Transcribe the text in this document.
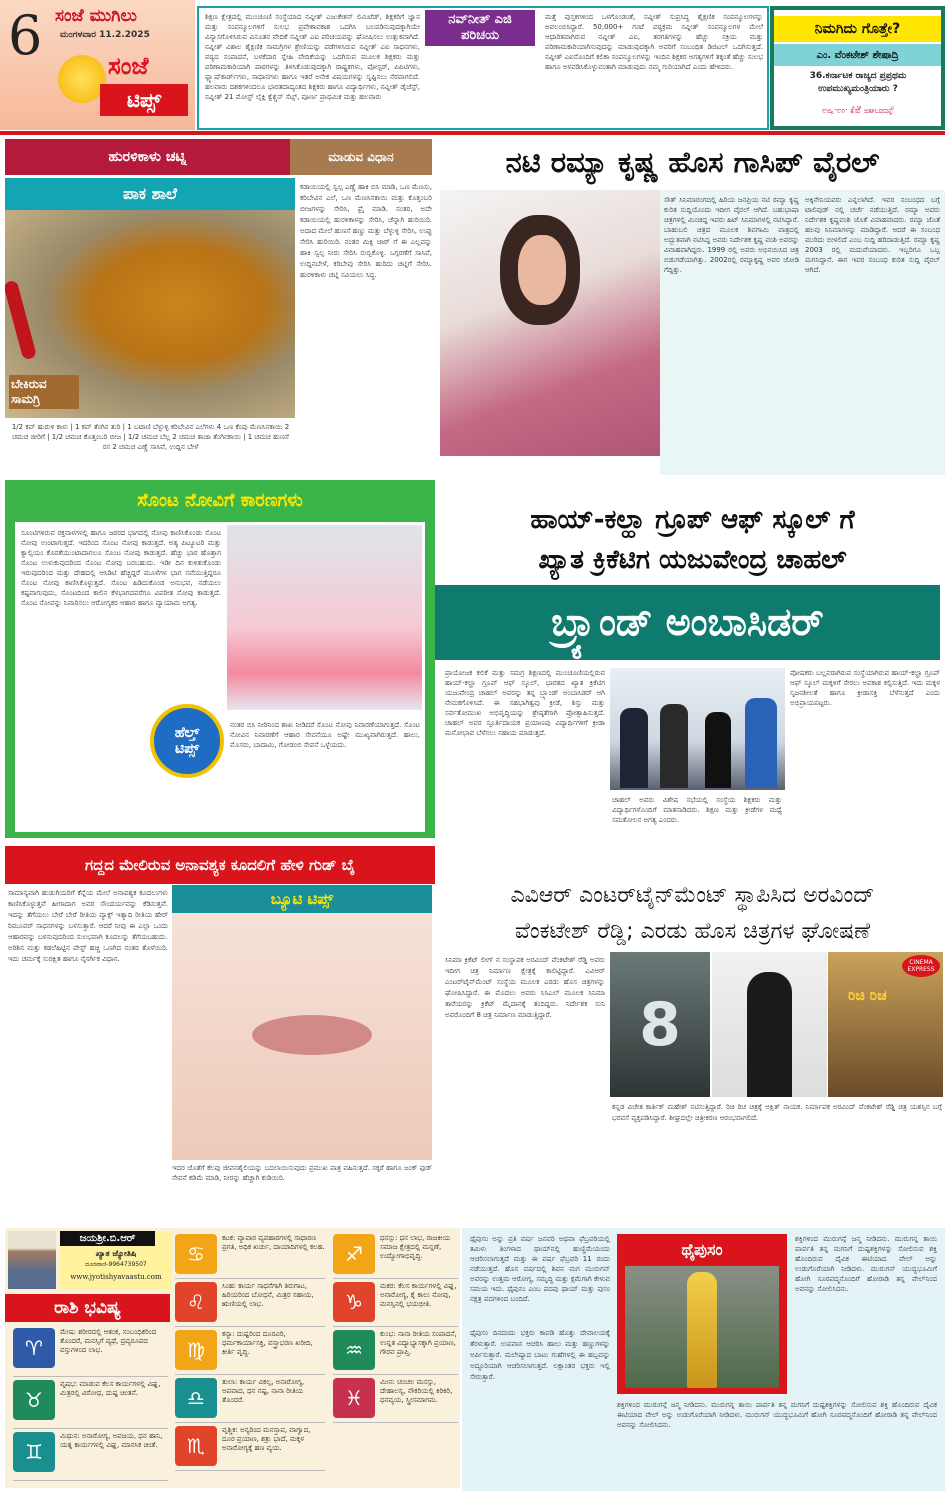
6 ಸಂಜೆ ಮುಗಿಲು
ಮಂಗಳವಾರ 11.2.2025
ಸಂಜೆ
ಟಿಪ್ಸ್
ಶಿಕ್ಷಣ ಕ್ಷೇತ್ರದಲ್ಲಿ ಮುಂಚೂಣಿ ಸಂಸ್ಥೆಯಾದ ನವ್ನೀತ್ ಎಜುಕೇಶನ್ ಲಿಮಿಟೆಡ್, ಶಿಕ್ಷಕರಿಗೆ ಜ್ಞಾನ ಮತ್ತು ಸಂಪನ್ಮೂಲಗಳಿಗೆ ಸುಲಭ ಪ್ರವೇಶಾವಕಾಶ ಒದಗಿಸಿ ಬಲಪಡಿಸುವುದಕ್ಕಾಗಿಯೇ ವಿನ್ಯಾಸಗೊಳಿಸಿರುವ ವಿನೂತನ ವೇದಿಕೆ ನವ್ನೀತ್ ಎಐ ಪರಿಚಯವನ್ನು ಘೋಷಿಸಲು ಉತ್ಸುಕವಾಗಿದೆ. ನವ್ನೀತ್ ವಿಶಾಲ ಶೈಕ್ಷಣಿಕ ಸಾಮಗ್ರಿಗಳ ಶ್ರೇಣಿಯನ್ನು ಪಡೆಗಳಿಸಿರುವ ನವ್ನೀತ್ ಎಐ ಸಾಧನಗಳು, ಪಠ್ಯದ ಸಂಪಾದನೆ, ಬಳಕೆದಾರ ಸ್ನೇಹಿ ವೇದಿಕೆಯನ್ನು ಒದಗಿಸುವ ಮೂಲಕ ಶಿಕ್ಷಕರು ಮತ್ತು ಪರಿಣಾಮಕಾರಿಯಾಗಿ ಪಾಠಗಳನ್ನು ತಿಳಿಸಿಕೊಡುವುದಕ್ಕಾಗಿ ರಾಷ್ಟ್ರಕಗಳು, ಪೋಸ್ಟರ್, ಪಿಪಿಟಿಗಳು, ಫ್ಲ್ಯಾಷ್‌ಕಾರ್ಡ್‌ಗಳು, ಸಾಧಾನಗಳು ಹಾಗೂ ಇತರೆ ಅನೇಕ ವಿಷಯಗಳನ್ನು ಸೃಷ್ಟಿಸಲು ನೆರವಾಗಲಿದೆ. ಹಲವಾರು ದಶಕಗಳಿಂದಲೂ ಭಾರತದಾದ್ಯಂತದ ಶಿಕ್ಷಕರು ಹಾಗೂ ವಿದ್ಯಾರ್ಥಿಗಳು, ನವ್ನೀತ್ ಡೈಜೆಸ್ಟ್, ನವ್ನೀತ್ 21 ಮೋಸ್ಟ್ ಲೈಕ್ಲಿ ಕ್ವೆಶ್ಚನ್ ಸೆಟ್ಸ್, ಪೂರ್ಣ ಪ್ರಾಥಮಿಕ ಮತ್ತು ಹಲವಾರು
ನವ್‌ನೀತ್ ಎಜಿ
ಪರಿಚಯ
ಮತ್ತೆ ಪುಸ್ತಕಗಳಿಂದ ಒಳಗೊಂಡಂತೆ, ನವ್ನೀತ್ ಸುಪ್ರಸಿದ್ಧ ಶೈಕ್ಷಣಿಕ ಸಂಪನ್ಮೂಲಗಳನ್ನು ಅವಲಂಬಿಸಿದ್ದಾರೆ. 50,000+ ಗಂಟೆ ಪಠ್ಯಕ್ರಮ ನವ್ನೀತ್ ಸಂಪನ್ಮೂಲಗಳ ಮೇಲೆ ಆಧಾರಿತವಾಗಿರುವ ನವ್ನೀತ್ ಎಐ, ತರಗತಿಗಳನ್ನು ಹೆಚ್ಚು ಸಕ್ರಿಯ ಮತ್ತು ಪರಿಣಾಮಕಾರಿಯಾಗಿಸುವುದನ್ನು ಮಾಡುವುದಕ್ಕಾಗಿ ಅವರಿಗೆ ಸಂಬಂಧಿತ ಡಿಜಿಟಲ್ ಒದಗಿಸುತ್ತದೆ. ನವ್ನೀತ್ ಎಐನೊಂದಿಗೆ ಕಲಿಕಾ ಸಂಪನ್ಮೂಲಗಳನ್ನು ಇಂದಿನ ಶಿಕ್ಷಕರ ಅಗತ್ಯಗಳಿಗೆ ತಕ್ಕಂತೆ ಹೆಚ್ಚು ಸುಲಭ ಹಾಗೂ ಅಳವಡಿಸಿಕೊಳ್ಳುವಂತಾಗಿ ಮಾಡುವುದು ನಮ್ಮ ಗುರಿಯಾಗಿದೆ ಎಂದು ಹೇಳಿದರು.
ನಿಮಗಿದು ಗೊತ್ತೇ?
ಎಂ. ವೆಂಕಟೇಶ್ ಶೇಷಾದ್ರಿ
36.ಕರ್ನಾಟಕ ರಾಜ್ಯದ ಪ್ರಪ್ರಥಮ ಉಪಮುಖ್ಯಮಂತ್ರಿಯಾರು ?
ಎಸ್.ಎಂ. ಕೃಷ್ಣ ಸರ್ಕಾರದಲ್ಲಿ
ಹುರಳಿಕಾಳು ಚಟ್ನಿ	ಮಾಡುವ ವಿಧಾನ
ಪಾಕ ಶಾಲೆ
ಬೇಕಿರುವ ಸಾಮಗ್ರಿ
ಕಡಾಯಿಯಲ್ಲಿ ಸ್ವಲ್ಪ ಎಣ್ಣೆ ಹಾಕಿ ಬಿಸಿ ಮಾಡಿ, ಒಣ ಮೆಣಸು, ಕರಿಬೇವಿನ ಎಲೆ, ಒಣ ಮೆಣಸಿನಕಾಯಿ ಮತ್ತು ಕೊತ್ತಂಬರಿ ಬೀಜಗಳನ್ನು ಸೇರಿಸಿ, ಫ್ರೈ ಮಾಡಿ. ನಂತರ, ಅದೇ ಕಡಾಯಿಯಲ್ಲಿ ಹುರಳಿಕಾಳನ್ನು ಸೇರಿಸಿ, ಚೆನ್ನಾಗಿ ಹುರಿಯಿರಿ. ಅದಾದ ಮೇಲೆ ಹುಣಸೆ ಹಣ್ಣು ಮತ್ತು ಬೆಳ್ಳುಳ್ಳಿ ಸೇರಿಸಿ, ಉಪ್ಪು ಸೇರಿಸಿ ಹುರಿಯಿರಿ. ನಂತರ ಮಿಕ್ಸಿ ಜಾರ್ ಗೆ ಈ ಎಲ್ಲವನ್ನು ಹಾಕಿ ಸ್ವಲ್ಪ ನೀರು ಸೇರಿಸಿ ರುಬ್ಬಿಕೊಳ್ಳಿ. ಒಗ್ಗರಣೆಗೆ ಸಾಸಿವೆ, ಉದ್ದಿನಬೇಳೆ, ಕರಿಬೇವು ಸೇರಿಸಿ ಹುರಿದು ಚಟ್ನಿಗೆ ಸೇರಿಸಿ. ಹುರಳಿಕಾಳು ಚಟ್ನಿ ಸವಿಯಲು ಸಿದ್ಧ.
1/2 ಕಪ್ ಹುರುಳಿ ಕಾಳು | 1 ಕಪ್ ತೆಂಗಿನ ತುರಿ | 1 ಬಟಾಣಿ ಬೆಳ್ಳುಳ್ಳಿ ಕರಿಬೇವಿನ ಎಲೆಗಳು 4 ಒಣ ಕೆಂಪು ಮೆಣಸಿನಕಾಯಿ 2 ಚಮಚ ಜೀರಿಗೆ | 1/2 ಚಮಚ ಕೊತ್ತಂಬರಿ ಬೀಜ | 1/2 ಚಮಚ ಬೆಲ್ಲ 2 ಚಮಚ ತಾಜಾ ತೆಂಗಿನಕಾಯಿ | 1 ಚಮಚ ಹುಣಸೆ ರಸ 2 ಚಮಚ ಎಣ್ಣೆ ಸಾಸಿವೆ, ಉದ್ದಿನ ಬೇಳೆ
ನಟಿ ರಮ್ಯಾ ಕೃಷ್ಣ ಹೊಸ ಗಾಸಿಪ್ ವೈರಲ್
ಸೌತ್ ಸಿನಿಮಾರಂಗದಲ್ಲಿ ಹಿರಿಯ ಜನಪ್ರಿಯ ನಟಿ ರಮ್ಯಾ ಕೃಷ್ಣ ಕುರಿತ ಸುದ್ದಿಯೊಂದು ಇದೀಗ ವೈರಲ್ ಆಗಿದೆ. ಬಹುಭಾಷಾ ಚಿತ್ರಗಳಲ್ಲಿ ಮಿಂಚಿದ್ದ ಇವರು ಹಿಟ್ ಸಿನಿಮಾಗಳಲ್ಲಿ ನಟಿಸಿದ್ದಾರೆ. ಬಾಹುಬಲಿ ಚಿತ್ರದ ಮೂಲಕ ಶಿವಗಾಮಿ ಪಾತ್ರದಲ್ಲಿ ಅದ್ಭುತವಾಗಿ ನಟಿಸಿದ್ದ ಅವರು ನಿರ್ದೇಶಕ ಕೃಷ್ಣ ವಂಶಿ ಅವರನ್ನು ವಿವಾಹವಾಗಿದ್ದರು. 1999 ರಲ್ಲಿ ಅವರು ಅಭಿನಯಿಸಿದ ಚಿತ್ರ ಬಿಡುಗಡೆಯಾಗಿತ್ತು. 2002ರಲ್ಲಿ ರಮ್ಯಾಕೃಷ್ಣ ಅವರ ಜೋಡಿ ಗೆದ್ದಿತ್ತು.
ಅಕ್ಕಿನೇನಿಯವರು ಎನ್ನಲಾಗಿದೆ. ಇವರ ಸಂಬಂಧದ ಬಗ್ಗೆ ಟಾಲಿವುಡ್ ನಲ್ಲಿ ಚರ್ಚೆ ನಡೆಯುತ್ತಿದೆ. ರಮ್ಯಾ ಅವರು ನಿರ್ದೇಶಕ ಕೃಷ್ಣವಂಶಿ ಜೊತೆ ವಿವಾಹವಾದರು. ರಮ್ಯಾ ಜೊತೆ ಹಲವು ಸಿನಿಮಾಗಳನ್ನು ಮಾಡಿದ್ದಾರೆ. ಆದರೆ ಈ ಸಂಬಂಧ ಮುರಿದು ಬೀಳಲಿದೆ ಎಂಬ ಸುದ್ದಿ ಹರಿದಾಡುತ್ತಿದೆ. ರಮ್ಯಾ ಕೃಷ್ಣ 2003 ರಲ್ಲಿ ಮದುವೆಯಾದರು. ಇಬ್ಬರಿಗೂ ಒಬ್ಬ ಮಗನಿದ್ದಾನೆ. ಈಗ ಇವರ ಸಂಬಂಧ ಕುರಿತ ಸುದ್ದಿ ವೈರಲ್ ಆಗಿದೆ.
ಸೊಂಟ ನೋವಿಗೆ ಕಾರಣಗಳು
ಸೂಂಟಿಗಳಿರುವ ರಕ್ತನಾಳಗಳಲ್ಲಿ ಹಾಗೂ ಜಠರದ ಭಾಗದಲ್ಲಿ ನೋವು ಕಾಣಿಸಿಕೊಂಡು ಸೊಂಟ ನೋವು ಉಂಟಾಗುತ್ತದೆ. ಇದರಿಂದ ಸೊಂಟ ನೋವು ಕಾಡುತ್ತದೆ. ಅತ್ಯ ಪಿಟ್ಯೂಟರಿ ಮತ್ತು ಕ್ಯಾಲ್ಸಿಯಂ ಕೊರತೆಯುಂಟಾದಾಗಲೂ ಸೊಂಟ ನೋವು ಕಾಡುತ್ತದೆ. ಹೆಚ್ಚು ಭಾರ ಹೊತ್ತಾಗ ಸೊಂಟ ಉಳುಕುವುದರಿಂದ ಸೊಂಟ ನೋವು ಬರಬಹುದು. ಇಡೀ ದಿನ ಕುಳಿತುಕೊಂಡು ಇರುವುದರಿಂದ ಮತ್ತು ದೇಹದಲ್ಲಿ ಆಸಿಡಿಟಿ ಹೆಚ್ಚಿದ್ದರೆ ಮೂಳೆಗಳ ಭಾಗ ಸವೆಯುತ್ತಿದ್ದರೂ ಸೊಂಟ ನೋವು ಕಾಣಿಸಿಕೊಳ್ಳುತ್ತದೆ. ಸೊಂಟ ಹಿಡಿದುಕೊಂಡ ಅನುಭವ, ನಡೆಯಲು ಕಷ್ಟವಾಗುವುದು, ಸೊಂಟದಿಂದ ಕಾಲಿನ ಕೆಳಭಾಗದವರೆಗೂ ವಿಪರೀತ ನೋವು ಕಾಡುತ್ತದೆ. ಸೊಂಟ ನೋವನ್ನು ನಿವಾರಿಸಲು ಆರೋಗ್ಯಕರ ಆಹಾರ ಹಾಗೂ ವ್ಯಾಯಾಮ ಅಗತ್ಯ.
ಹೆಲ್ತ್
ಟಿಪ್ಸ್
ನಂತರ ಬಿಸಿ ನೀರಿನಿಂದ ಶಾಖ ನೀಡಿದರೆ ಸೊಂಟ ನೋವು ನಿವಾರಣೆಯಾಗುತ್ತದೆ. ಸೊಂಟ ನೋವಿನ ನಿವಾರಣೆಗೆ ಆಹಾರ ಸೇವನೆಯೂ ಅಷ್ಟೇ ಮುಖ್ಯವಾಗಿರುತ್ತದೆ. ಹಾಲು, ಮೊಸರು, ಬಾದಾಮಿ, ಗೋಡಂಬಿ ಸೇವನೆ ಒಳ್ಳೆಯದು.
ಹಾಯ್-ಕಲ್ಹಾ ಗ್ರೂಪ್ ಆಫ್ ಸ್ಕೂಲ್ ಗೆ
ಖ್ಯಾತ ಕ್ರಿಕೆಟಿಗ ಯಜುವೇಂದ್ರ ಚಾಹಲ್
ಬ್ರ್ಯಾಂಡ್ ಅಂಬಾಸಿಡರ್
ಪ್ರಾಯೋಜಕ ಕಲಿಕೆ ಮತ್ತು ಸಮಗ್ರ ಶಿಕ್ಷಣದಲ್ಲಿ ಮುಂಚೂಣಿಯಲ್ಲಿರುವ ಹಾಯ್-ಕಲ್ಹಾ ಗ್ರೂಪ್ ಆಫ್ ಸ್ಕೂಲ್, ಭಾರತದ ಖ್ಯಾತ ಕ್ರಿಕೆಟಿಗ ಯಜುವೇಂದ್ರ ಚಾಹಲ್ ಅವರನ್ನು ತನ್ನ ಬ್ರ್ಯಾಂಡ್ ಅಂಬಾಸಿಡರ್ ಆಗಿ ನೇಮಕಗೊಳಿಸಿದೆ. ಈ ಸಹಭಾಗಿತ್ವವು ಕ್ರೀಡೆ, ಶಿಸ್ತು ಮತ್ತು ಸರ್ವತೋಮುಖ ಅಭಿವೃದ್ಧಿಯನ್ನು ಶ್ರೇಷ್ಠತೆಗಾಗಿ ಪ್ರೋತ್ಸಾಹಿಸುತ್ತದೆ. ಚಾಹಲ್ ಅವರ ಸ್ಫೂರ್ತಿದಾಯಕ ಪ್ರಯಾಣವು ವಿದ್ಯಾರ್ಥಿಗಳಿಗೆ ಕ್ರೀಡಾ ಮನೋಭಾವ ಬೆಳೆಸಲು ಸಹಾಯ ಮಾಡುತ್ತದೆ.
ಚಾಹಲ್ ಅವರು ವಿಶೇಷ ಸಭೆಯಲ್ಲಿ ಸಂಸ್ಥೆಯ ಶಿಕ್ಷಕರು ಮತ್ತು ವಿದ್ಯಾರ್ಥಿಗಳೊಂದಿಗೆ ಮಾತನಾಡಿದರು. ಶಿಕ್ಷಣ ಮತ್ತು ಕ್ರೀಡೆಗಳ ಮಧ್ಯೆ ಸಮತೋಲನ ಅಗತ್ಯ ಎಂದರು.
ಪೋಷಕರು ಬಲ್ಲವರಾಗಿರುವ ಸಂಸ್ಥೆಯಾಗಿರುವ ಹಾಯ್-ಕಲ್ಹಾ ಗ್ರೂಪ್ ಆಫ್ ಸ್ಕೂಲ್ ಮಕ್ಕಳಿಗೆ ಸೇರಲು ಅವಕಾಶ ಕಲ್ಪಿಸುತ್ತಿದೆ. ಇದು ಮಕ್ಕಳ ಸೃಜನಶೀಲತೆ ಹಾಗೂ ಕ್ರೀಡಾಸಕ್ತಿ ಬೆಳೆಸುತ್ತದೆ ಎಂದು ಅಭಿಪ್ರಾಯಪಟ್ಟರು.
ಗದ್ದದ ಮೇಲಿರುವ ಅನಾವಶ್ಯಕ ಕೂದಲಿಗೆ ಹೇಳಿ ಗುಡ್ ಬೈ
ಸಾಮಾನ್ಯವಾಗಿ ಹುಡುಗಿಯರಿಗೆ ಕೆನ್ನೆಯ ಮೇಲೆ ಅನಾವಶ್ಯಕ ಕೂದಲುಗಳು ಕಾಣಿಸಿಕೊಳ್ಳುತ್ತವೆ ಹೀಗಾದಾಗ ಅವರ ಸೌಂದರ್ಯವನ್ನು ಕೆಡಿಸುತ್ತವೆ. ಇದನ್ನು ತೆಗೆಯಲು ಬೇರೆ ಬೇರೆ ರೀತಿಯ ವ್ಯಾಕ್ಸ್ ಇತ್ಯಾದಿ ರೀತಿಯ ಹೇರ್ ರಿಮೂವರ್ ಸಾಧನಗಳನ್ನು ಬಳಸುತ್ತಾರೆ. ಆದರೆ ನೀವು ಈ ಎಲ್ಲಾ ಒಂದು ಆಹಾರವನ್ನು ಬಳಸುವುದರಿಂದ ಸುಲಭವಾಗಿ ಕೂದಲನ್ನು ತೆಗೆಯಬಹುದು. ಅರಿಶಿನ ಮತ್ತು ಕಡಲೆಹಿಟ್ಟಿನ ಪೇಸ್ಟ್ ಹಚ್ಚಿ ಒಣಗಿದ ನಂತರ ತೊಳೆಯಿರಿ. ಇದು ಚರ್ಮಕ್ಕೆ ಸುರಕ್ಷಿತ ಹಾಗೂ ನೈಸರ್ಗಿಕ ವಿಧಾನ.
ಬ್ಯೂಟಿ ಟಿಪ್ಸ್
ಇದರ ಜೊತೆಗೆ ಕೆಲವು ಜೀವನಶೈಲಿಯನ್ನು ಬದಲಾಯಿಸುವುದು ಪ್ರಮುಖ ಪಾತ್ರ ವಹಿಸುತ್ತದೆ. ಸಕ್ಕರೆ ಹಾಗೂ ಜಂಕ್ ಫುಡ್ ಸೇವನೆ ಕಡಿಮೆ ಮಾಡಿ, ನೀರನ್ನು ಹೆಚ್ಚಾಗಿ ಕುಡಿಯಿರಿ.
ಎವಿಆರ್ ಎಂಟರ್‌ಟೈನ್‌ಮೆಂಟ್ ಸ್ಥಾಪಿಸಿದ ಅರವಿಂದ್
ವೆಂಕಟೇಶ್ ರೆಡ್ಡಿ; ಎರಡು ಹೊಸ ಚಿತ್ರಗಳ ಘೋಷಣೆ
ಸಿನಿಮಾ ಕ್ರಿಕೆಟ್ ಲೀಗ್ ನ ಸಂಸ್ಥಾಪಕ ಅರವಿಂದ್ ವೆಂಕಟೇಶ್ ರೆಡ್ಡಿ ಅವರು ಇದೀಗ ಚಿತ್ರ ನಿರ್ಮಾಣ ಕ್ಷೇತ್ರಕ್ಕೆ ಕಾಲಿಟ್ಟಿದ್ದಾರೆ. ಎವಿಆರ್ ಎಂಟರ್‌ಟೈನ್‌ಮೆಂಟ್ ಸಂಸ್ಥೆಯ ಮೂಲಕ ಎರಡು ಹೊಸ ಚಿತ್ರಗಳನ್ನು ಘೋಷಿಸಿದ್ದಾರೆ. ಈ ಮೊದಲು ಅವರು ಸಿಸಿಎಲ್ ಮೂಲಕ ಸಿನಿಮಾ ತಾರೆಯರನ್ನು ಕ್ರಿಕೆಟ್ ಮೈದಾನಕ್ಕೆ ತಂದಿದ್ದರು. ನಿರ್ದೇಶಕ ಸುನಿ ಅವರೊಂದಿಗೆ 8 ಚಿತ್ರ ನಿರ್ಮಾಣ ಮಾಡುತ್ತಿದ್ದಾರೆ.	8
CINEMA EXPRESS
ರಿಚಿ ರಿಚ
ಕನ್ನಡ ವಿಜೇತ ಕಾರ್ತಿಕ್ ಮಹೇಶ್ ನಟಿಸುತ್ತಿದ್ದಾರೆ. ರಿಚಿ ರಿಚ ಚಿತ್ರಕ್ಕೆ ಅಕ್ಷಿತ್ ನಾಯಕ. ನಿರ್ಮಾಪಕ ಅರವಿಂದ್ ವೆಂಕಟೇಶ್ ರೆಡ್ಡಿ ಚಿತ್ರ ಯಶಸ್ಸಿನ ಬಗ್ಗೆ ಭರವಸೆ ವ್ಯಕ್ತಪಡಿಸಿದ್ದಾರೆ. ಶೀಘ್ರದಲ್ಲೇ ಚಿತ್ರೀಕರಣ ಆರಂಭವಾಗಲಿದೆ.
ಜಯಶ್ರೀ.ಬಿ.ಆರ್
ಖ್ಯಾತ ಜ್ಯೋತಿಷಿ
ದೂರವಾಣಿ-9964739507
www.jyotishyavaastu.com
ರಾಶಿ ಭವಿಷ್ಯ
♈
ಮೇಷ: ಶರೀರದಲ್ಲಿ ಆತಂಕ, ಸಂಬಂಧಿಕರಿಂದ ತೊಂದರೆ, ಮನಸ್ಸಿಗೆ ವ್ಯಥೆ, ದ್ರವ್ಯರೂಪದ ವಸ್ತುಗಳಿಂದ ಲಾಭ.
♉
ವೃಷಭ: ಮಾಡುವ ಕೆಲಸ ಕಾರ್ಯಗಳಲ್ಲಿ ವಿಘ್ನ, ಮಿತ್ರರಲ್ಲಿ ವಿರೋಧ, ದುಷ್ಟ ಚಿಂತನೆ.
♊
ಮಿಥುನ: ಅನಾರೋಗ್ಯ, ಅಪಜಯ, ಧನ ಹಾನಿ, ಯತ್ನ ಕಾರ್ಯಗಳಲ್ಲಿ ವಿಘ್ನ, ಮಾನಸಿಕ ಚಿಂತೆ.
♋
ಕಟಕ: ವ್ಯಾಪಾರ ವ್ಯವಹಾರಗಳಲ್ಲಿ ಸಾಧಾರಣ ಪ್ರಗತಿ, ಅಧಿಕ ಖರ್ಚು, ದಾಯಾದಿಗಳಲ್ಲಿ ಕಲಹ.
♌
ಸಿಂಹ: ಕಾರ್ಯ ಸಾಧನೆಗಾಗಿ ತಿರುಗಾಟ, ಹಿರಿಯರಿಂದ ಬೋಧನೆ, ಮಿತ್ರರ ಸಹಾಯ, ಋಣಿಯಲ್ಲಿ ಲಾಭ.
♍
ಕನ್ಯಾ: ದುಷ್ಟರಿಂದ ದೂರವಿರಿ, ಧರ್ಮಕಾರ್ಯಾಸಕ್ತಿ, ವಸ್ತ್ರಾಭರಣ ಖರೀದಿ, ಕೀರ್ತಿ ವೃದ್ಧಿ.
♎
ತುಲಾ: ಕಾರ್ಯ ವಿಕಲ್ಪ, ಅನಾರೋಗ್ಯ, ಅಪವಾದ, ಧನ ನಷ್ಟ, ನಾನಾ ರೀತಿಯ ತೊಂದರೆ.
♏
ವೃಶ್ಚಿಕ: ಅನ್ಯರಿಂದ ಮನಸ್ತಾಪ, ವಾಗ್ವಾದ, ದೂರ ಪ್ರಯಾಣ, ಶತ್ರು ಭಾದೆ, ಮಕ್ಕಳ ಅನಾರೋಗ್ಯಕ್ಕೆ ಹಣ ವ್ಯಯ.
♐
ಧನಸ್ಸು: ಧನ ಲಾಭ, ರಾಜಕೀಯ ಸಮಾಜ ಕ್ಷೇತ್ರದಲ್ಲಿ ಮನ್ನಣೆ, ಉದ್ಯೋಗಾಭಿವೃದ್ಧಿ.
♑
ಮಕರ: ಕೆಲಸ ಕಾರ್ಯಗಳಲ್ಲಿ ವಿಘ್ನ, ಅನಾರೋಗ್ಯ, ಕೈ ಕಾಲು ನೋವು, ಮನಸ್ಸಿನಲ್ಲಿ ಭಯಭೀತಿ.
♒
ಕುಂಭ: ನಾನಾ ರೀತಿಯ ಸಂಪಾದನೆ, ಉನ್ನತ ವಿದ್ಯಾಭ್ಯಾಸಕ್ಕಾಗಿ ಪ್ರಯಾಣ, ಗೌರವ ಪ್ರಾಪ್ತಿ.
♓
ಮೀನ: ಚಂಚಲ ಮನಸ್ಸು, ದೇಹಾಲಸ್ಯ, ನೌಕರಿಯಲ್ಲಿ ಕಿರಿಕಿರಿ, ಧನವ್ಯಯ, ಸ್ತ್ರೀಸಮಾಗಮ.
ಥೈಪುಸಂ ಅನ್ನು ಪ್ರತಿ ವರ್ಷ ಜನವರಿ ಅಥವಾ ಫೆಬ್ರವರಿಯಲ್ಲಿ ತಮಿಳು ತಿಂಗಳಾದ ಥಾಯ್‌ನಲ್ಲಿ ಹುಣ್ಣಿಮೆಯಂದು ಆಚರಿಸಲಾಗುತ್ತದೆ ಮತ್ತು ಈ ವರ್ಷ ಫೆಬ್ರವರಿ 11 ರಂದು ನಡೆಯುತ್ತದೆ. ಹೊಸ ವರ್ಷದಲ್ಲಿ ಶಿವನ ಮಗ ಮುರುಗನ್ ಅವರನ್ನು ಉತ್ತಮ ಆರೋಗ್ಯ, ಸಮೃದ್ಧಿ ಮತ್ತು ಕ್ಷಮೆಗಾಗಿ ಕೇಳುವ ಸಮಯ ಇದು. ಥೈಪುಸಂ ಎಂಬ ಪದವು ಥಾಯ್ ಮತ್ತು ಪುಸಂ ನಕ್ಷತ್ರ ಪದಗಳಿಂದ ಬಂದಿದೆ.
ಥೈಪುಸಂ
ಶಕ್ತಿಗಳಿಂದ ಮುರುಗನ್ಗೆ ಜನ್ಮ ನೀಡಿದನು. ಮುರುಗನ್ನ ತಾಯಿ ಪಾರ್ವತಿ ತನ್ನ ಮಗನಿಗೆ ದುಷ್ಟಶಕ್ತಿಗಳನ್ನು ಸೋಲಿಸುವ ಶಕ್ತಿ ಹೊಂದಿರುವ ದೈವಿಕ ಈಟಿಯಾದ ವೇಲ್ ಅನ್ನು ಉಡುಗೊರೆಯಾಗಿ ನೀಡಿದಳು. ಮುರುಗನ್ ಯುದ್ಧಭೂಮಿಗೆ ಹೋಗಿ ಸೂರಪದ್ಮನೊಂದಿಗೆ ಹೋರಾಡಿ ತನ್ನ ವೇಲ್‌ನಿಂದ ಅವನನ್ನು ಸೋಲಿಸಿದನು.
ಥೈಪುಸಂ ದಿನದಂದು ಭಕ್ತರು ಕಾವಡಿ ಹೊತ್ತು ದೇವಾಲಯಕ್ಕೆ ತೆರಳುತ್ತಾರೆ. ಉಪವಾಸ ಆಚರಿಸಿ ಹಾಲು ಮತ್ತು ಹಣ್ಣುಗಳನ್ನು ಅರ್ಪಿಸುತ್ತಾರೆ. ಮಲೇಷ್ಯಾದ ಬಾಟು ಗುಹೆಗಳಲ್ಲಿ ಈ ಹಬ್ಬವನ್ನು ಅದ್ದೂರಿಯಾಗಿ ಆಚರಿಸಲಾಗುತ್ತದೆ. ಲಕ್ಷಾಂತರ ಭಕ್ತರು ಇಲ್ಲಿ ಸೇರುತ್ತಾರೆ.
ಶಕ್ತಿಗಳಿಂದ ಮುರುಗನ್ಗೆ ಜನ್ಮ ನೀಡಿದನು. ಮುರುಗನ್ನ ತಾಯಿ ಪಾರ್ವತಿ ತನ್ನ ಮಗನಿಗೆ ದುಷ್ಟಶಕ್ತಿಗಳನ್ನು ಸೋಲಿಸುವ ಶಕ್ತಿ ಹೊಂದಿರುವ ದೈವಿಕ ಈಟಿಯಾದ ವೇಲ್ ಅನ್ನು ಉಡುಗೊರೆಯಾಗಿ ನೀಡಿದಳು. ಮುರುಗನ್ ಯುದ್ಧಭೂಮಿಗೆ ಹೋಗಿ ಸೂರಪದ್ಮನೊಂದಿಗೆ ಹೋರಾಡಿ ತನ್ನ ವೇಲ್‌ನಿಂದ ಅವನನ್ನು ಸೋಲಿಸಿದನು.
